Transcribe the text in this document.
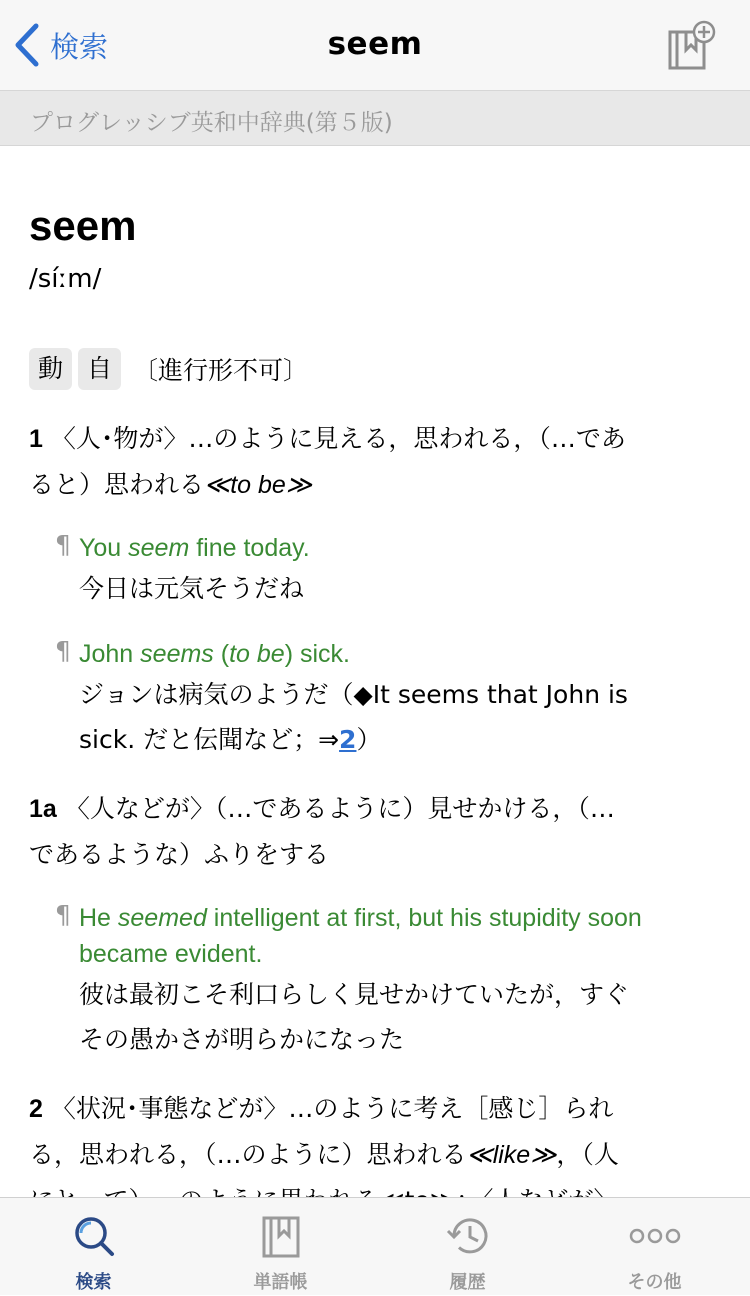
検索	seem
プログレッシブ英和中辞典(第５版)
seem
/síːm/
動 自 〔進行形不可〕
1 〈人･物が〉…のように見える，思われる，（…であ
ると）思われる≪to be≫
¶ You seem fine today.
今日は元気そうだね
¶ John seems (to be) sick.
ジョンは病気のようだ（◆It seems that John is
sick. だと伝聞など；⇒2）
1a 〈人などが〉（…であるように）見せかける，（…
であるような）ふりをする
¶ He seemed intelligent at first, but his stupidity soon
became evident.
彼は最初こそ利口らしく見せかけていたが，すぐ
その愚かさが明らかになった
2 〈状況･事態などが〉…のように考え［感じ］られ
る，思われる，（…のように）思われる≪like≫，（人
検索	単語帳	履歴	その他
